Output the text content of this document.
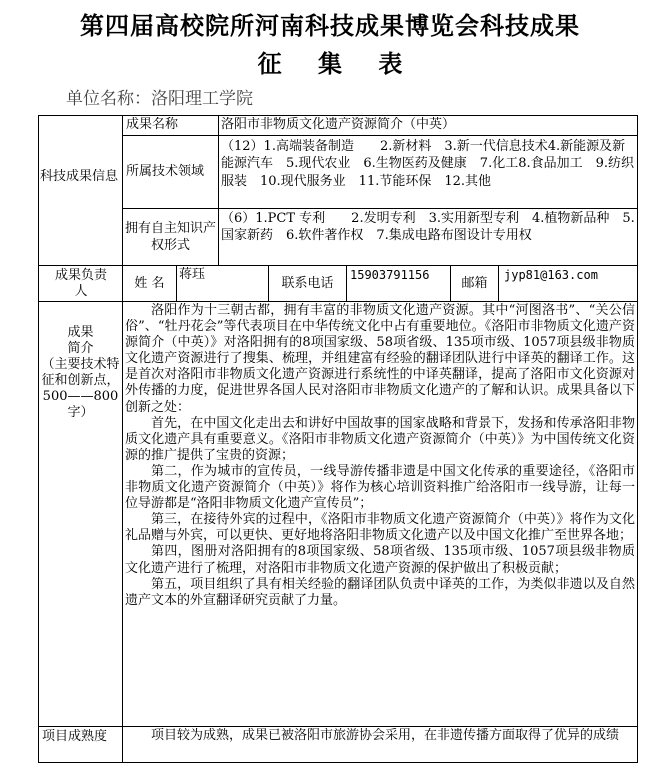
第四届高校院所河南科技成果博览会科技成果
征 集 表
单位名称：洛阳理工学院
科技成果信息
成果名称	洛阳市非物质文化遗产资源简介（中英）
所属技术领域
（12）1.高端装备制造　　2.新材料　3.新一代信息技术4.新能源及新能源汽车　5.现代农业　6.生物医药及健康　7.化工8.食品加工　9.纺织服装　10.现代服务业　11.节能环保　12.其他
拥有自主知识产权形式
（6）1.PCT 专利　　2.发明专利　3.实用新型专利　4.植物新品种　5.国家新药　6.软件著作权　7.集成电路布图设计专用权
成果负责人
姓 名
蒋珏
联系电话
15903791156
邮箱
jyp81@163.com
成果简介
（主要技术特征和创新点，500——800字）

洛阳作为十三朝古都，拥有丰富的非物质文化遗产资源。其中“河图洛书”、“关公信俗”、“牡丹花会”等代表项目在中华传统文化中占有重要地位。《洛阳市非物质文化遗产资源简介（中英）》对洛阳拥有的8项国家级、58项省级、135项市级、1057项县级非物质文化遗产资源进行了搜集、梳理，并组建富有经验的翻译团队进行中译英的翻译工作。这是首次对洛阳市非物质文化遗产资源进行系统性的中译英翻译，提高了洛阳市文化资源对外传播的力度，促进世界各国人民对洛阳市非物质文化遗产的了解和认识。成果具备以下创新之处：

首先，在中国文化走出去和讲好中国故事的国家战略和背景下，发扬和传承洛阳非物质文化遗产具有重要意义。《洛阳市非物质文化遗产资源简介（中英）》为中国传统文化资源的推广提供了宝贵的资源；

第二，作为城市的宣传员，一线导游传播非遗是中国文化传承的重要途径，《洛阳市非物质文化遗产资源简介（中英）》将作为核心培训资料推广给洛阳市一线导游，让每一位导游都是“洛阳非物质文化遗产宣传员”；

第三，在接待外宾的过程中，《洛阳市非物质文化遗产资源简介（中英）》将作为文化礼品赠与外宾，可以更快、更好地将洛阳非物质文化遗产以及中国文化推广至世界各地；

第四，图册对洛阳拥有的8项国家级、58项省级、135项市级、1057项县级非物质文化遗产进行了梳理，对洛阳市非物质文化遗产资源的保护做出了积极贡献；

第五，项目组织了具有相关经验的翻译团队负责中译英的工作，为类似非遗以及自然遗产文本的外宣翻译研究贡献了力量。

项目成熟度	项目较为成熟，成果已被洛阳市旅游协会采用，在非遗传播方面取得了优异的成绩
